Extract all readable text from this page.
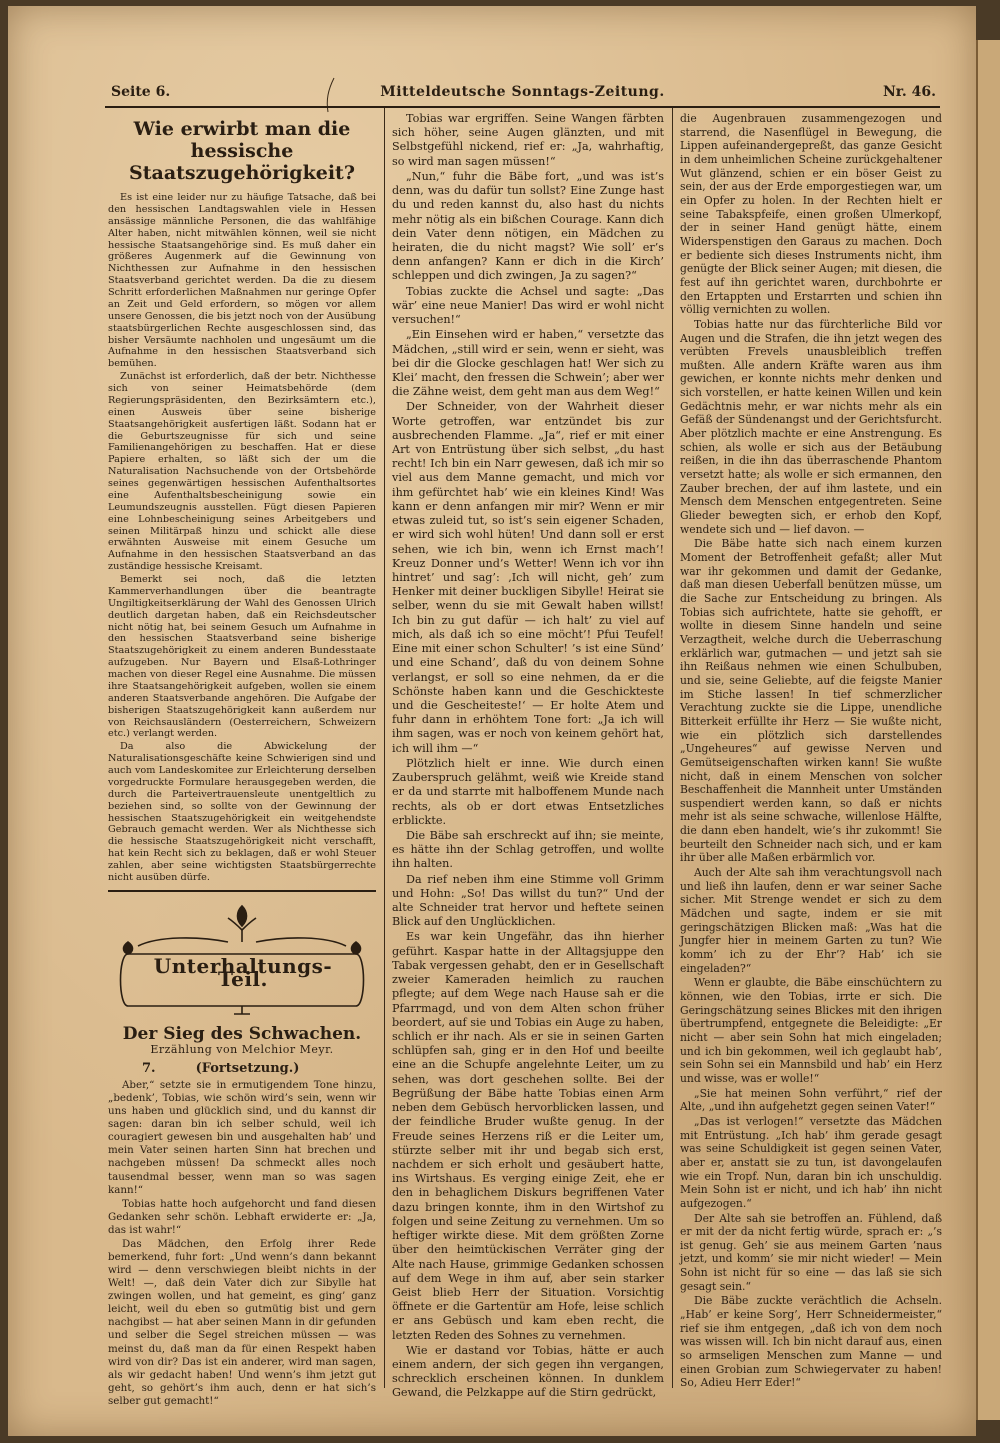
Seite 6.	Mitteldeutsche Sonntags-Zeitung.	Nr. 46.
Wie erwirbt man die hessische Staatszugehörigkeit?

Es ist eine leider nur zu häufige Tatsache, daß bei den hessischen Landtagswahlen viele in Hessen ansässige männliche Personen, die das wahlfähige Alter haben, nicht mitwählen können, weil sie nicht hessische Staatsangehörige sind. Es muß daher ein größeres Augenmerk auf die Gewinnung von Nichthessen zur Aufnahme in den hessischen Staatsverband gerichtet werden. Da die zu diesem Schritt erforderlichen Maßnahmen nur geringe Opfer an Zeit und Geld erfordern, so mögen vor allem unsere Genossen, die bis jetzt noch von der Ausübung staatsbürgerlichen Rechte ausgeschlossen sind, das bisher Versäumte nachholen und ungesäumt um die Aufnahme in den hessischen Staatsverband sich bemühen.

Zunächst ist erforderlich, daß der betr. Nichthesse sich von seiner Heimatsbehörde (dem Regierungspräsidenten, den Bezirksämtern etc.), einen Ausweis über seine bisherige Staatsangehörigkeit ausfertigen läßt. Sodann hat er die Geburtszeugnisse für sich und seine Familienangehörigen zu beschaffen. Hat er diese Papiere erhalten, so läßt sich der um die Naturalisation Nachsuchende von der Ortsbehörde seines gegenwärtigen hessischen Aufenthaltsortes eine Aufenthaltsbescheinigung sowie ein Leumundszeugnis ausstellen. Fügt diesen Papieren eine Lohnbescheinigung seines Arbeitgebers und seinen Militärpaß hinzu und schickt alle diese erwähnten Ausweise mit einem Gesuche um Aufnahme in den hessischen Staatsverband an das zuständige hessische Kreisamt.

Bemerkt sei noch, daß die letzten Kammerverhandlungen über die beantragte Ungiltigkeitserklärung der Wahl des Genossen Ulrich deutlich dargetan haben, daß ein Reichsdeutscher nicht nötig hat, bei seinem Gesuch um Aufnahme in den hessischen Staatsverband seine bisherige Staatszugehörigkeit zu einem anderen Bundesstaate aufzugeben. Nur Bayern und Elsaß-Lothringer machen von dieser Regel eine Ausnahme. Die müssen ihre Staatsangehörigkeit aufgeben, wollen sie einem anderen Staatsverbande angehören. Die Aufgabe der bisherigen Staatszugehörigkeit kann außerdem nur von Reichsausländern (Oesterreichern, Schweizern etc.) verlangt werden.

Da also die Abwickelung der Naturalisationsgeschäfte keine Schwierigen sind und auch vom Landeskomitee zur Erleichterung derselben vorgedruckte Formulare herausgegeben werden, die durch die Parteivertrauensleute unentgeltlich zu beziehen sind, so sollte von der Gewinnung der hessischen Staatszugehörigkeit ein weitgehendste Gebrauch gemacht werden. Wer als Nichthesse sich die hessische Staatszugehörigkeit nicht verschafft, hat kein Recht sich zu beklagen, daß er wohl Steuer zahlen, aber seine wichtigsten Staatsbürgerrechte nicht ausüben dürfe.

Unterhaltungs-Teil.
Der Sieg des Schwachen.
Erzählung von Melchior Meyr.
7.	(Fortsetzung.)

Aber,“ setzte sie in ermutigendem Tone hinzu, „bedenk’, Tobias, wie schön wird’s sein, wenn wir uns haben und glücklich sind, und du kannst dir sagen: daran bin ich selber schuld, weil ich couragiert gewesen bin und ausgehalten hab’ und mein Vater seinen harten Sinn hat brechen und nachgeben müssen! Da schmeckt alles noch tausendmal besser, wenn man so was sagen kann!“

Tobias hatte hoch aufgehorcht und fand diesen Gedanken sehr schön. Lebhaft erwiderte er: „Ja, das ist wahr!“

Das Mädchen, den Erfolg ihrer Rede bemerkend, fuhr fort: „Und wenn’s dann bekannt wird — denn verschwiegen bleibt nichts in der Welt! —, daß dein Vater dich zur Sibylle hat zwingen wollen, und hat gemeint, es ging’ ganz leicht, weil du eben so gutmütig bist und gern nachgibst — hat aber seinen Mann in dir gefunden und selber die Segel streichen müssen — was meinst du, daß man da für einen Respekt haben wird von dir? Das ist ein anderer, wird man sagen, als wir gedacht haben! Und wenn’s ihm jetzt gut geht, so gehört’s ihm auch, denn er hat sich’s selber gut gemacht!“

Tobias war ergriffen. Seine Wangen färbten sich höher, seine Augen glänzten, und mit Selbstgefühl nickend, rief er: „Ja, wahrhaftig, so wird man sagen müssen!“

„Nun,“ fuhr die Bäbe fort, „und was ist’s denn, was du dafür tun sollst? Eine Zunge hast du und reden kannst du, also hast du nichts mehr nötig als ein bißchen Courage. Kann dich dein Vater denn nötigen, ein Mädchen zu heiraten, die du nicht magst? Wie soll’ er’s denn anfangen? Kann er dich in die Kirch’ schleppen und dich zwingen, Ja zu sagen?“

Tobias zuckte die Achsel und sagte: „Das wär’ eine neue Manier! Das wird er wohl nicht versuchen!“

„Ein Einsehen wird er haben,“ versetzte das Mädchen, „still wird er sein, wenn er sieht, was bei dir die Glocke geschlagen hat! Wer sich zu Klei’ macht, den fressen die Schwein’; aber wer die Zähne weist, dem geht man aus dem Weg!“

Der Schneider, von der Wahrheit dieser Worte getroffen, war entzündet bis zur ausbrechenden Flamme. „Ja“, rief er mit einer Art von Entrüstung über sich selbst, „du hast recht! Ich bin ein Narr gewesen, daß ich mir so viel aus dem Manne gemacht, und mich vor ihm gefürchtet hab’ wie ein kleines Kind! Was kann er denn anfangen mir mir? Wenn er mir etwas zuleid tut, so ist’s sein eigener Schaden, er wird sich wohl hüten! Und dann soll er erst sehen, wie ich bin, wenn ich Ernst mach’! Kreuz Donner und’s Wetter! Wenn ich vor ihn hintret’ und sag’: ‚Ich will nicht, geh’ zum Henker mit deiner buckligen Sibylle! Heirat sie selber, wenn du sie mit Gewalt haben willst! Ich bin zu gut dafür — ich halt’ zu viel auf mich, als daß ich so eine möcht’! Pfui Teufel! Eine mit einer schon Schulter! ’s ist eine Sünd’ und eine Schand’, daß du von deinem Sohne verlangst, er soll so eine nehmen, da er die Schönste haben kann und die Geschickteste und die Gescheiteste!‘ — Er holte Atem und fuhr dann in erhöhtem Tone fort: „Ja ich will ihm sagen, was er noch von keinem gehört hat, ich will ihm —“

Plötzlich hielt er inne. Wie durch einen Zauberspruch gelähmt, weiß wie Kreide stand er da und starrte mit halboffenem Munde nach rechts, als ob er dort etwas Entsetzliches erblickte.

Die Bäbe sah erschreckt auf ihn; sie meinte, es hätte ihn der Schlag getroffen, und wollte ihn halten.

Da rief neben ihm eine Stimme voll Grimm und Hohn: „So! Das willst du tun?“ Und der alte Schneider trat hervor und heftete seinen Blick auf den Unglücklichen.

Es war kein Ungefähr, das ihn hierher geführt. Kaspar hatte in der Alltagsjuppe den Tabak vergessen gehabt, den er in Gesellschaft zweier Kameraden heimlich zu rauchen pflegte; auf dem Wege nach Hause sah er die Pfarrmagd, und von dem Alten schon früher beordert, auf sie und Tobias ein Auge zu haben, schlich er ihr nach. Als er sie in seinen Garten schlüpfen sah, ging er in den Hof und beeilte eine an die Schupfe angelehnte Leiter, um zu sehen, was dort geschehen sollte. Bei der Begrüßung der Bäbe hatte Tobias einen Arm neben dem Gebüsch hervorblicken lassen, und der feindliche Bruder wußte genug. In der Freude seines Herzens riß er die Leiter um, stürzte selber mit ihr und begab sich erst, nachdem er sich erholt und gesäubert hatte, ins Wirtshaus. Es verging einige Zeit, ehe er den in behaglichem Diskurs begriffenen Vater dazu bringen konnte, ihm in den Wirtshof zu folgen und seine Zeitung zu vernehmen. Um so heftiger wirkte diese. Mit dem größten Zorne über den heimtückischen Verräter ging der Alte nach Hause, grimmige Gedanken schossen auf dem Wege in ihm auf, aber sein starker Geist blieb Herr der Situation. Vorsichtig öffnete er die Gartentür am Hofe, leise schlich er ans Gebüsch und kam eben recht, die letzten Reden des Sohnes zu vernehmen.

Wie er dastand vor Tobias, hätte er auch einem andern, der sich gegen ihn vergangen, schrecklich erscheinen können. In dunklem Gewand, die Pelzkappe auf die Stirn gedrückt,

die Augenbrauen zusammengezogen und starrend, die Nasenflügel in Bewegung, die Lippen aufeinandergepreßt, das ganze Gesicht in dem unheimlichen Scheine zurückgehaltener Wut glänzend, schien er ein böser Geist zu sein, der aus der Erde emporgestiegen war, um ein Opfer zu holen. In der Rechten hielt er seine Tabakspfeife, einen großen Ulmerkopf, der in seiner Hand genügt hätte, einem Widerspenstigen den Garaus zu machen. Doch er bediente sich dieses Instruments nicht, ihm genügte der Blick seiner Augen; mit diesen, die fest auf ihn gerichtet waren, durchbohrte er den Ertappten und Erstarrten und schien ihn völlig vernichten zu wollen.

Tobias hatte nur das fürchterliche Bild vor Augen und die Strafen, die ihn jetzt wegen des verübten Frevels unausbleiblich treffen mußten. Alle andern Kräfte waren aus ihm gewichen, er konnte nichts mehr denken und sich vorstellen, er hatte keinen Willen und kein Gedächtnis mehr, er war nichts mehr als ein Gefäß der Sündenangst und der Gerichtsfurcht. Aber plötzlich machte er eine Anstrengung. Es schien, als wolle er sich aus der Betäubung reißen, in die ihn das überraschende Phantom versetzt hatte; als wolle er sich ermannen, den Zauber brechen, der auf ihm lastete, und ein Mensch dem Menschen entgegentreten. Seine Glieder bewegten sich, er erhob den Kopf, wendete sich und — lief davon. —

Die Bäbe hatte sich nach einem kurzen Moment der Betroffenheit gefaßt; aller Mut war ihr gekommen und damit der Gedanke, daß man diesen Ueberfall benützen müsse, um die Sache zur Entscheidung zu bringen. Als Tobias sich aufrichtete, hatte sie gehofft, er wollte in diesem Sinne handeln und seine Verzagtheit, welche durch die Ueberraschung erklärlich war, gutmachen — und jetzt sah sie ihn Reißaus nehmen wie einen Schulbuben, und sie, seine Geliebte, auf die feigste Manier im Stiche lassen! In tief schmerzlicher Verachtung zuckte sie die Lippe, unendliche Bitterkeit erfüllte ihr Herz — Sie wußte nicht, wie ein plötzlich sich darstellendes „Ungeheures“ auf gewisse Nerven und Gemütseigenschaften wirken kann! Sie wußte nicht, daß in einem Menschen von solcher Beschaffenheit die Mannheit unter Umständen suspendiert werden kann, so daß er nichts mehr ist als seine schwache, willenlose Hälfte, die dann eben handelt, wie’s ihr zukommt! Sie beurteilt den Schneider nach sich, und er kam ihr über alle Maßen erbärmlich vor.

Auch der Alte sah ihm verachtungsvoll nach und ließ ihn laufen, denn er war seiner Sache sicher. Mit Strenge wendet er sich zu dem Mädchen und sagte, indem er sie mit geringschätzigen Blicken maß: „Was hat die Jungfer hier in meinem Garten zu tun? Wie komm’ ich zu der Ehr’? Hab’ ich sie eingeladen?“

Wenn er glaubte, die Bäbe einschüchtern zu können, wie den Tobias, irrte er sich. Die Geringschätzung seines Blickes mit den ihrigen übertrumpfend, entgegnete die Beleidigte: „Er nicht — aber sein Sohn hat mich eingeladen; und ich bin gekommen, weil ich geglaubt hab’, sein Sohn sei ein Mannsbild und hab’ ein Herz und wisse, was er wolle!“

„Sie hat meinen Sohn verführt,“ rief der Alte, „und ihn aufgehetzt gegen seinen Vater!“

„Das ist verlogen!“ versetzte das Mädchen mit Entrüstung. „Ich hab’ ihm gerade gesagt was seine Schuldigkeit ist gegen seinen Vater, aber er, anstatt sie zu tun, ist davongelaufen wie ein Tropf. Nun, daran bin ich unschuldig. Mein Sohn ist er nicht, und ich hab’ ihn nicht aufgezogen.“

Der Alte sah sie betroffen an. Fühlend, daß er mit der da nicht fertig würde, sprach er: „’s ist genug. Geh’ sie aus meinem Garten ’naus jetzt, und komm’ sie mir nicht wieder! — Mein Sohn ist nicht für so eine — das laß sie sich gesagt sein.“

Die Bäbe zuckte verächtlich die Achseln. „Hab’ er keine Sorg’, Herr Schneidermeister,“ rief sie ihm entgegen, „daß ich von dem noch was wissen will. Ich bin nicht darauf aus, einen so armseligen Menschen zum Manne — und einen Grobian zum Schwiegervater zu haben! So, Adieu Herr Eder!“
